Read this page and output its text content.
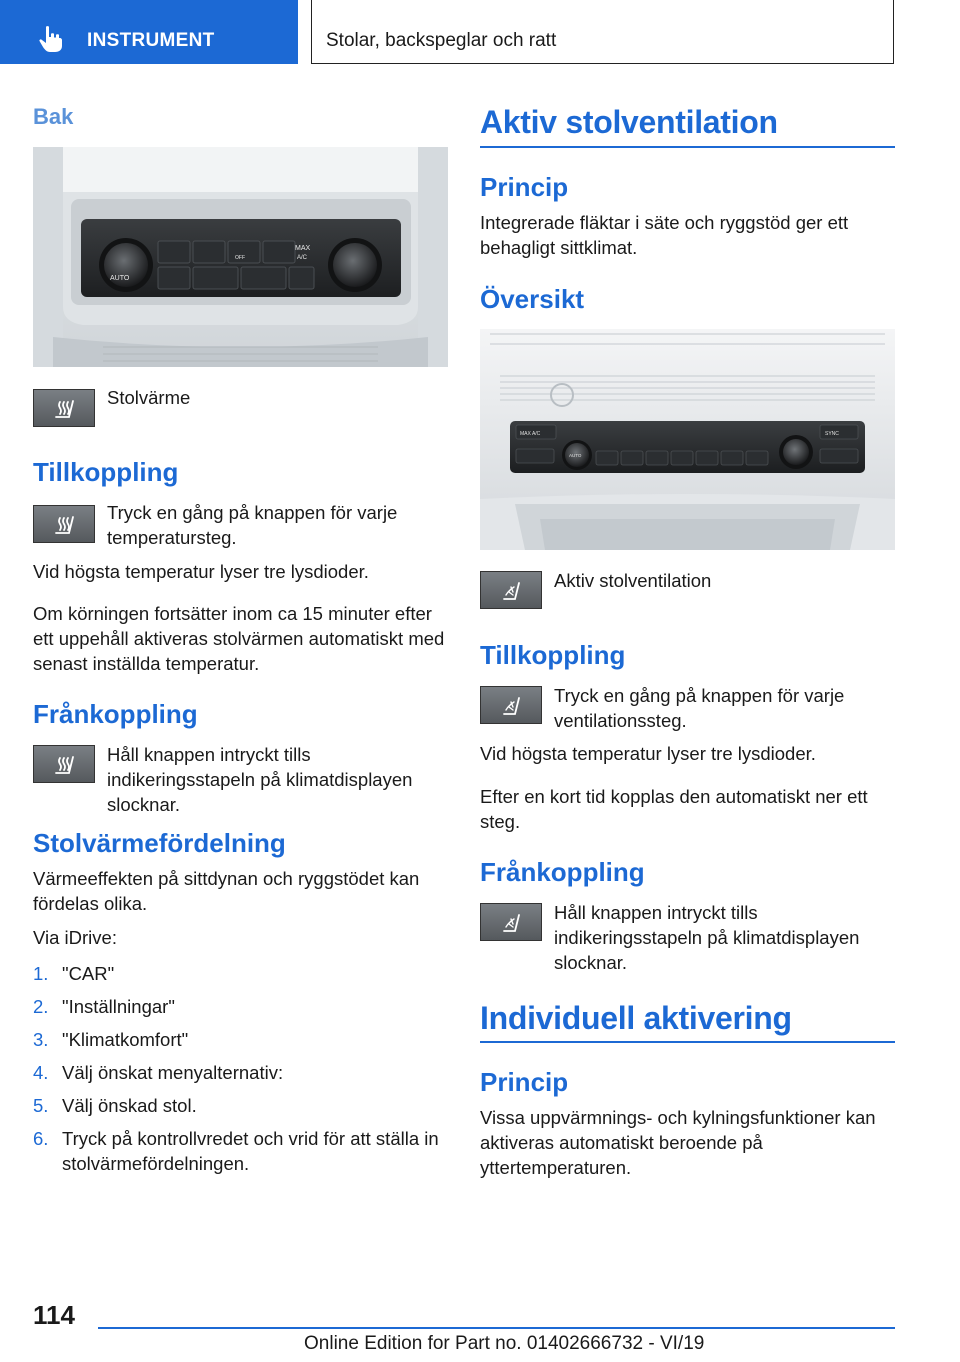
INSTRUMENT	Stolar, backspeglar och ratt
Bak
AUTO
OFF
MAX
A/C
Stolvärme
Tillkoppling
Tryck en gång på knappen för varje temperatursteg.
Vid högsta temperatur lyser tre lysdioder.
Om körningen fortsätter inom ca 15 minuter efter ett uppehåll aktiveras stolvärmen automatiskt med senast inställda temperatur.
Frånkoppling
Håll knappen intryckt tills indikeringsstapeln på klimatdisplayen slocknar.
Stolvärmefördelning
Värmeeffekten på sittdynan och ryggstödet kan fördelas olika.
Via iDrive:
1. "CAR"
2. "Inställningar"
3. "Klimatkomfort"
4. Välj önskat menyalternativ:
5. Välj önskad stol.
6. Tryck på kontrollvredet och vrid för att ställa in stolvärmefördelningen.
Aktiv stolventilation
Princip
Integrerade fläktar i säte och ryggstöd ger ett behagligt sittklimat.
Översikt
MAX A/C
AUTO
SYNC
Aktiv stolventilation
Tillkoppling
Tryck en gång på knappen för varje ventilationssteg.
Vid högsta temperatur lyser tre lysdioder.
Efter en kort tid kopplas den automatiskt ner ett steg.
Frånkoppling
Håll knappen intryckt tills indikeringsstapeln på klimatdisplayen slocknar.
Individuell aktivering
Princip
Vissa uppvärmnings- och kylningsfunktioner kan aktiveras automatiskt beroende på yttertemperaturen.
114
Online Edition for Part no. 01402666732 - VI/19
